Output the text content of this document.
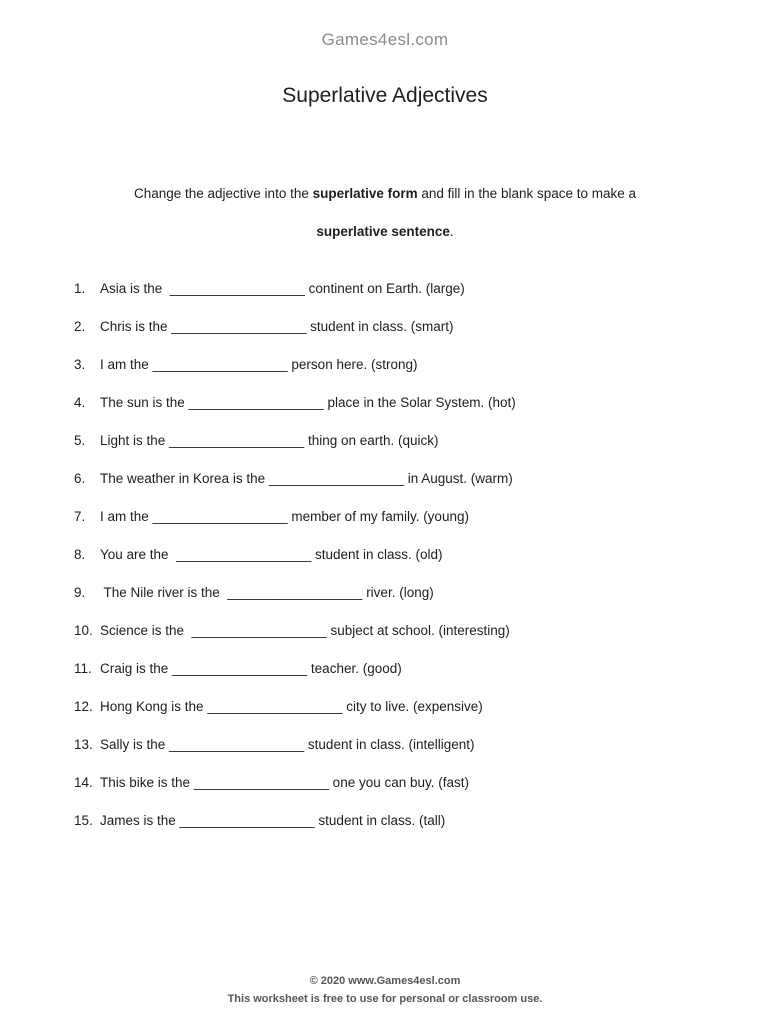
Games4esl.com
Superlative Adjectives
Change the adjective into the superlative form and fill in the blank space to make a
superlative sentence.
1.	Asia is the  __________________ continent on Earth. (large)
2.	Chris is the __________________ student in class. (smart)
3.	I am the __________________ person here. (strong)
4.	The sun is the __________________ place in the Solar System. (hot)
5.	Light is the __________________ thing on earth. (quick)
6.	The weather in Korea is the __________________ in August. (warm)
7.	I am the __________________ member of my family. (young)
8.	You are the  __________________ student in class. (old)
9.	The Nile river is the  __________________ river. (long)
10. Science is the  __________________ subject at school. (interesting)
11. Craig is the __________________ teacher. (good)
12. Hong Kong is the __________________ city to live. (expensive)
13. Sally is the __________________ student in class. (intelligent)
14. This bike is the __________________ one you can buy. (fast)
15. James is the __________________ student in class. (tall)
© 2020 www.Games4esl.com
This worksheet is free to use for personal or classroom use.
